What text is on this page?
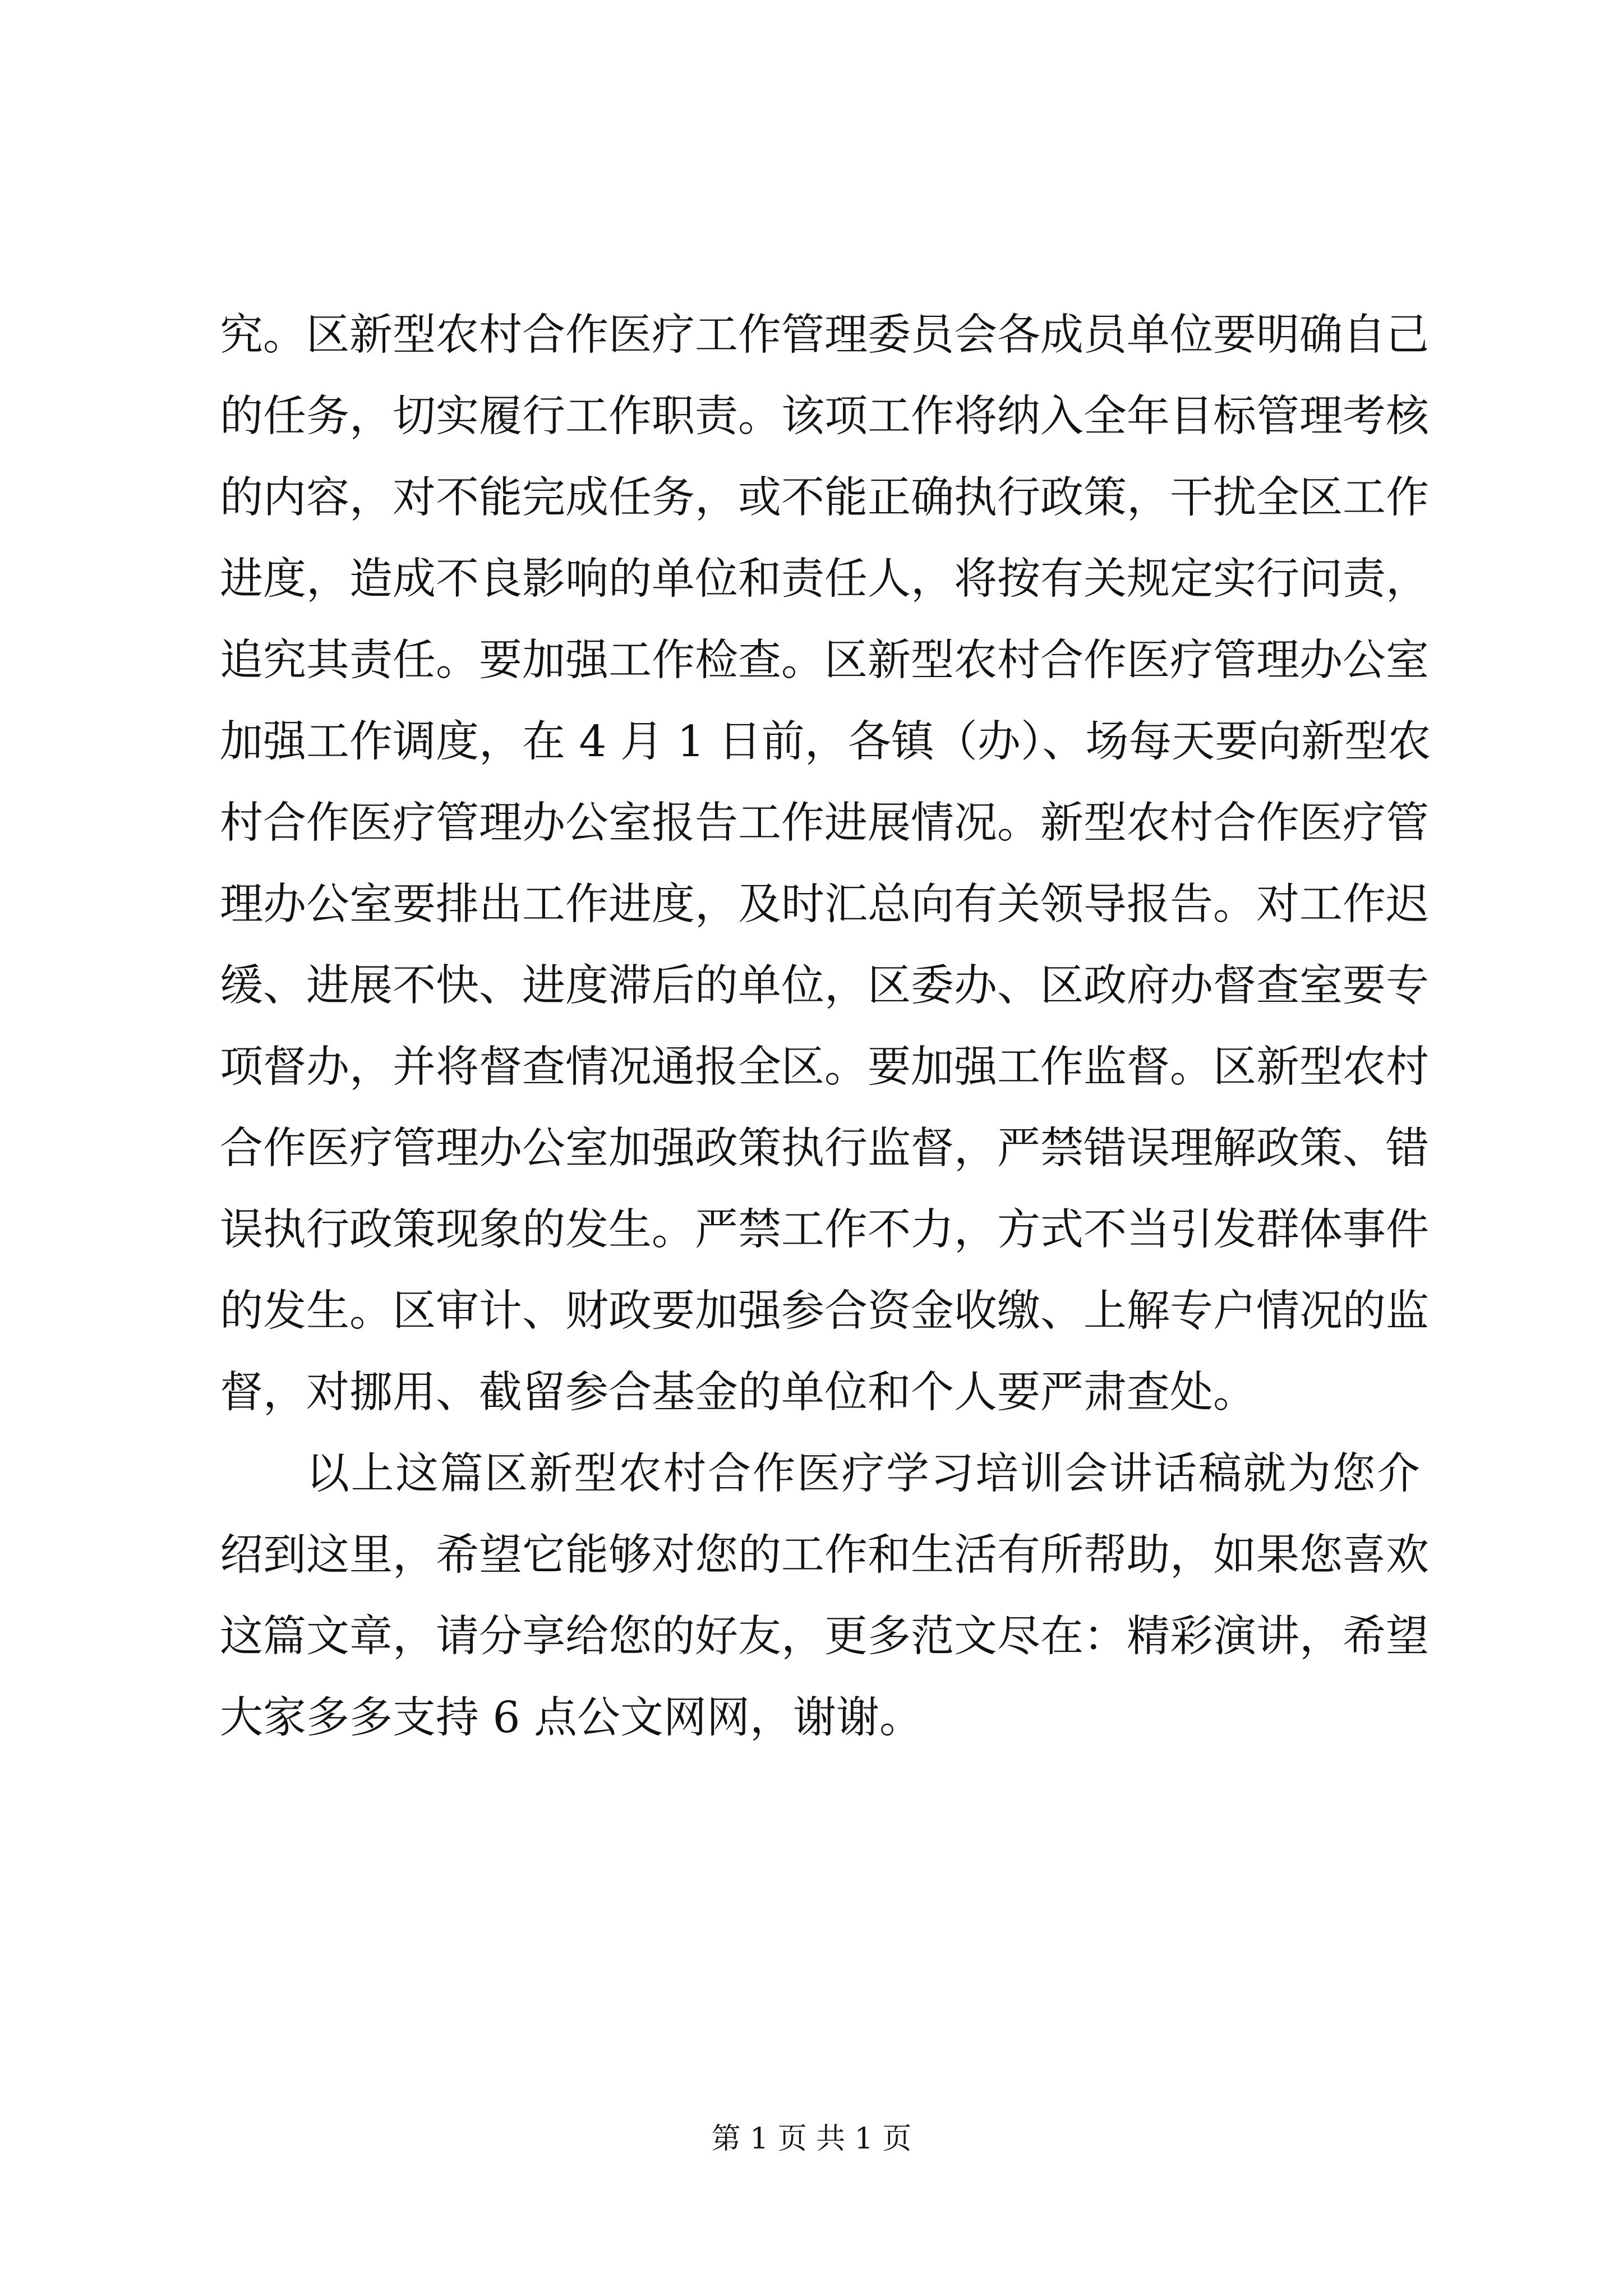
究。区新型农村合作医疗工作管理委员会各成员单位要明确自己
的任务，切实履行工作职责。该项工作将纳入全年目标管理考核
的内容，对不能完成任务，或不能正确执行政策，干扰全区工作
进度，造成不良影响的单位和责任人，将按有关规定实行问责，
追究其责任。要加强工作检查。区新型农村合作医疗管理办公室
加强工作调度，在 4 月 1 日前，各镇（办）、场每天要向新型农
村合作医疗管理办公室报告工作进展情况。新型农村合作医疗管
理办公室要排出工作进度，及时汇总向有关领导报告。对工作迟
缓、进展不快、进度滞后的单位，区委办、区政府办督查室要专
项督办，并将督查情况通报全区。要加强工作监督。区新型农村
合作医疗管理办公室加强政策执行监督，严禁错误理解政策、错
误执行政策现象的发生。严禁工作不力，方式不当引发群体事件
的发生。区审计、财政要加强参合资金收缴、上解专户情况的监
督，对挪用、截留参合基金的单位和个人要严肃查处。
以上这篇区新型农村合作医疗学习培训会讲话稿就为您介
绍到这里，希望它能够对您的工作和生活有所帮助，如果您喜欢
这篇文章，请分享给您的好友，更多范文尽在：精彩演讲，希望
大家多多支持 6 点公文网网，谢谢。
第 1 页 共 1 页
